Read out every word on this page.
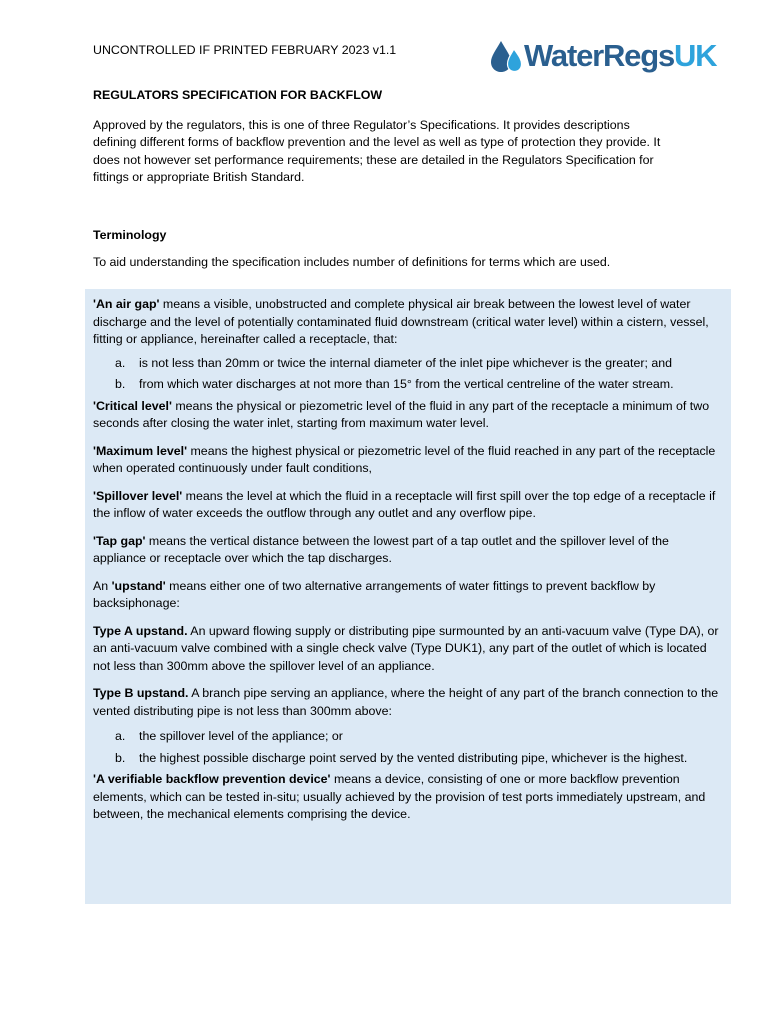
UNCONTROLLED IF PRINTED FEBRUARY 2023 v1.1	WaterRegsUK

REGULATORS SPECIFICATION FOR BACKFLOW

Approved by the regulators, this is one of three Regulator’s Specifications. It provides descriptions defining different forms of backflow prevention and the level as well as type of protection they provide. It does not however set performance requirements; these are detailed in the Regulators Specification for fittings or appropriate British Standard.

Terminology

To aid understanding the specification includes number of definitions for terms which are used.

'An air gap' means a visible, unobstructed and complete physical air break between the lowest level of water discharge and the level of potentially contaminated fluid downstream (critical water level) within a cistern, vessel, fitting or appliance, hereinafter called a receptacle, that:

a. is not less than 20mm or twice the internal diameter of the inlet pipe whichever is the greater; and
b. from which water discharges at not more than 15° from the vertical centreline of the water stream.

'Critical level' means the physical or piezometric level of the fluid in any part of the receptacle a minimum of two seconds after closing the water inlet, starting from maximum water level.

'Maximum level' means the highest physical or piezometric level of the fluid reached in any part of the receptacle when operated continuously under fault conditions,

'Spillover level' means the level at which the fluid in a receptacle will first spill over the top edge of a receptacle if the inflow of water exceeds the outflow through any outlet and any overflow pipe.

'Tap gap' means the vertical distance between the lowest part of a tap outlet and the spillover level of the appliance or receptacle over which the tap discharges.

An 'upstand' means either one of two alternative arrangements of water fittings to prevent backflow by backsiphonage:

Type A upstand. An upward flowing supply or distributing pipe surmounted by an anti-vacuum valve (Type DA), or an anti-vacuum valve combined with a single check valve (Type DUK1), any part of the outlet of which is located not less than 300mm above the spillover level of an appliance.

Type B upstand. A branch pipe serving an appliance, where the height of any part of the branch connection to the vented distributing pipe is not less than 300mm above:

a. the spillover level of the appliance; or
b. the highest possible discharge point served by the vented distributing pipe, whichever is the highest.

'A verifiable backflow prevention device' means a device, consisting of one or more backflow prevention elements, which can be tested in-situ; usually achieved by the provision of test ports immediately upstream, and between, the mechanical elements comprising the device.
